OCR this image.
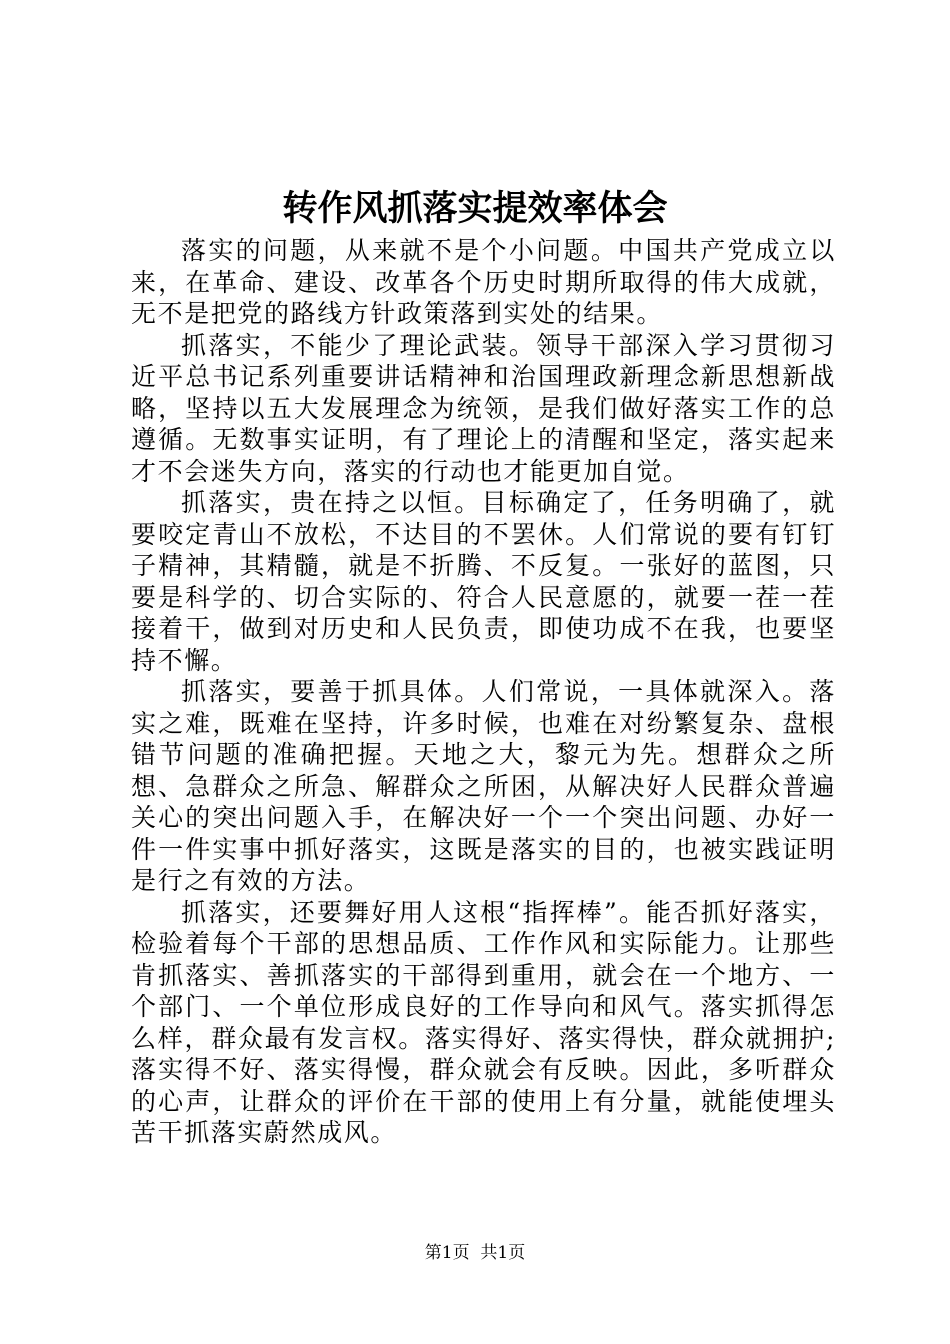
转作风抓落实提效率体会

落实的问题，从来就不是个小问题。中国共产党成立以来，在革命、建设、改革各个历史时期所取得的伟大成就，无不是把党的路线方针政策落到实处的结果。

抓落实，不能少了理论武装。领导干部深入学习贯彻习近平总书记系列重要讲话精神和治国理政新理念新思想新战略，坚持以五大发展理念为统领，是我们做好落实工作的总遵循。无数事实证明，有了理论上的清醒和坚定，落实起来才不会迷失方向，落实的行动也才能更加自觉。

抓落实，贵在持之以恒。目标确定了，任务明确了，就要咬定青山不放松，不达目的不罢休。人们常说的要有钉钉子精神，其精髓，就是不折腾、不反复。一张好的蓝图，只要是科学的、切合实际的、符合人民意愿的，就要一茬一茬接着干，做到对历史和人民负责，即使功成不在我，也要坚持不懈。

抓落实，要善于抓具体。人们常说，一具体就深入。落实之难，既难在坚持，许多时候，也难在对纷繁复杂、盘根错节问题的准确把握。天地之大，黎元为先。想群众之所想、急群众之所急、解群众之所困，从解决好人民群众普遍关心的突出问题入手，在解决好一个一个突出问题、办好一件一件实事中抓好落实，这既是落实的目的，也被实践证明是行之有效的方法。

抓落实，还要舞好用人这根“指挥棒”。能否抓好落实，检验着每个干部的思想品质、工作作风和实际能力。让那些肯抓落实、善抓落实的干部得到重用，就会在一个地方、一个部门、一个单位形成良好的工作导向和风气。落实抓得怎么样，群众最有发言权。落实得好、落实得快，群众就拥护;落实得不好、落实得慢，群众就会有反映。因此，多听群众的心声，让群众的评价在干部的使用上有分量，就能使埋头苦干抓落实蔚然成风。

第1页 共1页
